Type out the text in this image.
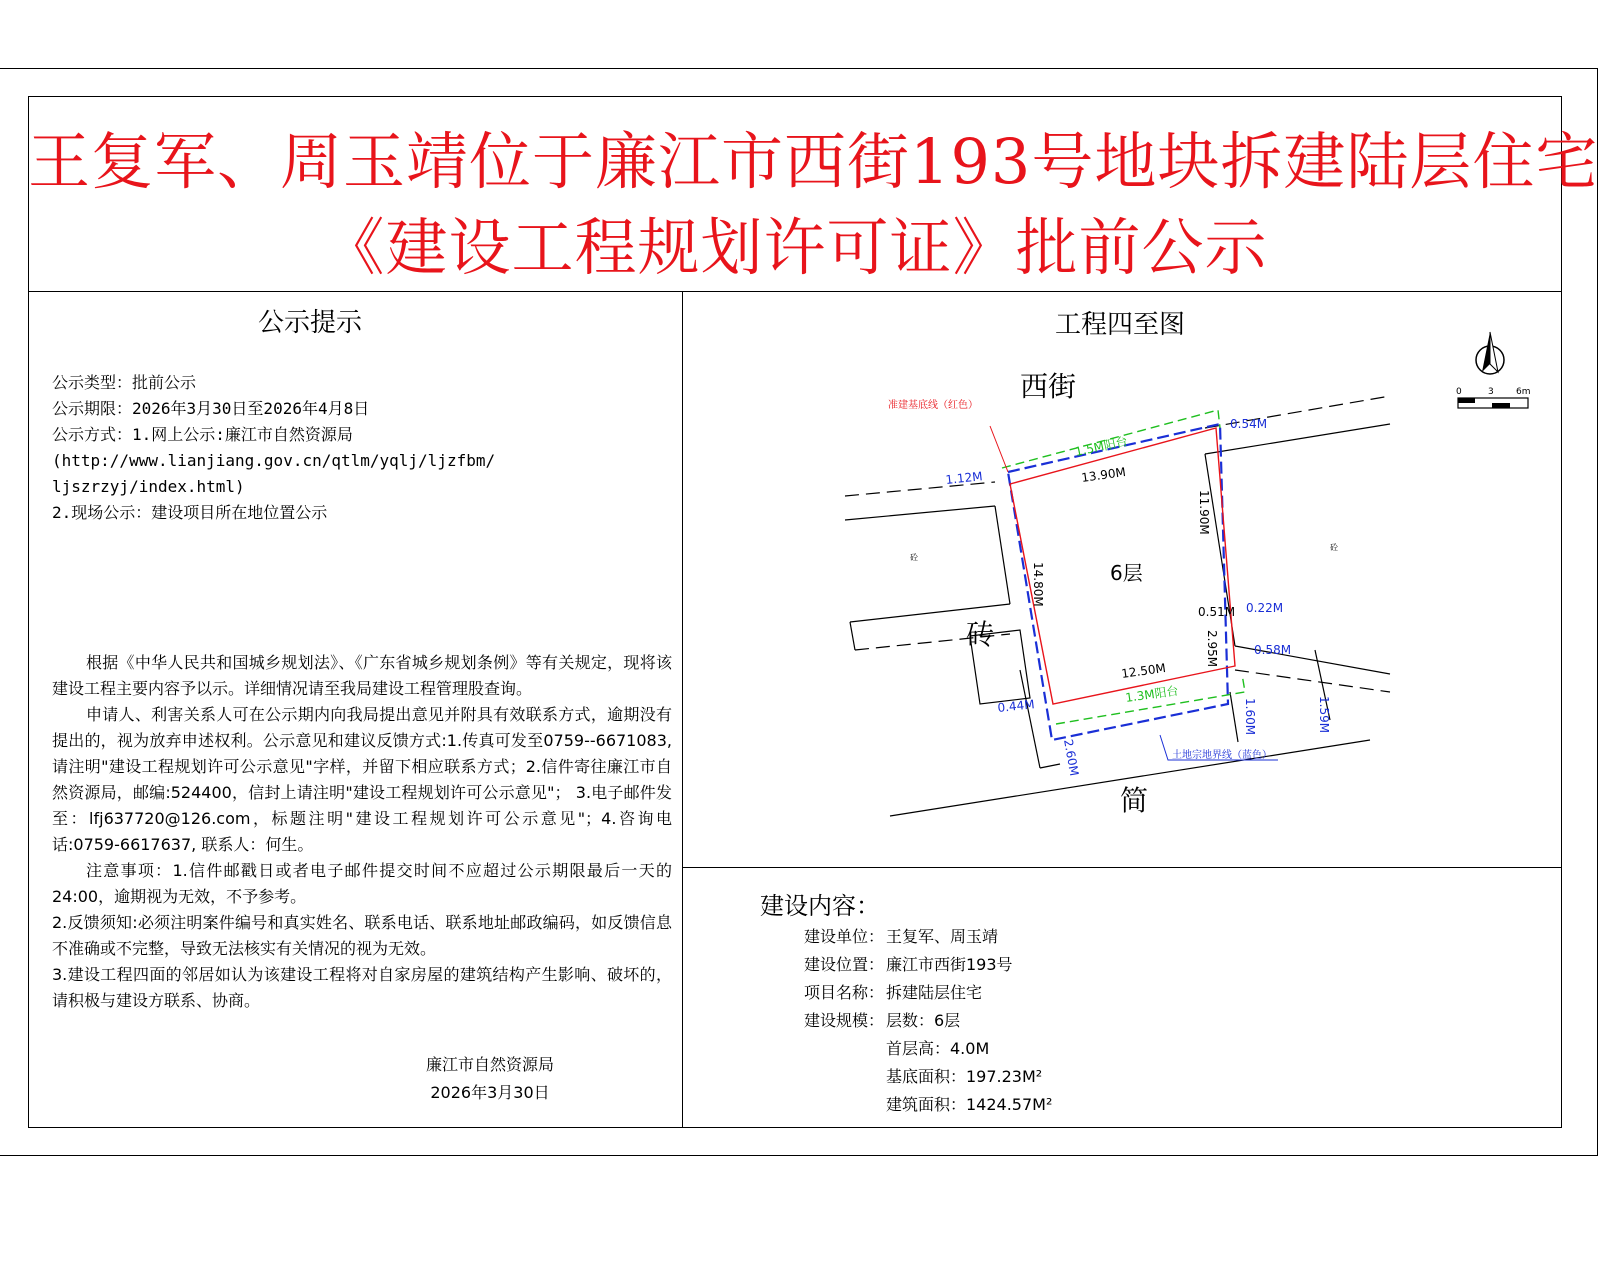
王复军、周玉靖位于廉江市西街193号地块拆建陆层住宅
《建设工程规划许可证》批前公示
公示提示
公示类型：批前公示
公示期限：2026年3月30日至2026年4月8日
公示方式：1.网上公示:廉江市自然资源局
(http://www.lianjiang.gov.cn/qtlm/yqlj/ljzfbm/
ljszrzyj/index.html)
2.现场公示：建设项目所在地位置公示

根据《中华人民共和国城乡规划法》、《广东省城乡规划条例》等有关规定，现将该建设工程主要内容予以示。详细情况请至我局建设工程管理股查询。

申请人、利害关系人可在公示期内向我局提出意见并附具有效联系方式，逾期没有提出的，视为放弃申述权利。公示意见和建议反馈方式:1.传真可发至0759--6671083, 请注明"建设工程规划许可公示意见"字样，并留下相应联系方式；2.信件寄往廉江市自然资源局，邮编:524400，信封上请注明"建设工程规划许可公示意见"； 3.电子邮件发至：lfj637720@126.com，标题注明"建设工程规划许可公示意见"；4.咨询电话:0759-6617637, 联系人：何生。

注意事项：1.信件邮戳日或者电子邮件提交时间不应超过公示期限最后一天的24:00，逾期视为无效，不予参考。

2.反馈须知:必须注明案件编号和真实姓名、联系电话、联系地址邮政编码，如反馈信息不准确或不完整，导致无法核实有关情况的视为无效。

3.建设工程四面的邻居如认为该建设工程将对自家房屋的建筑结构产生影响、破坏的，请积极与建设方联系、协商。

廉江市自然资源局
2026年3月30日
工程四至图
0	3 6m
西街
简
砖
6层
砼
砼
准建基底线（红色）
土地宗地界线（蓝色）
13.90M
11.90M
14.80M
12.50M
2.95M
1.5M阳台
1.3M阳台
0.54M
1.12M
0.51M 0.22M
0.58M
0.44M	1.60M
2.60M
1.59M
建设内容：
建设单位： 王复军、周玉靖
建设位置： 廉江市西街193号
项目名称： 拆建陆层住宅
建设规模： 层数：6层
首层高：4.0M
基底面积：197.23M²
建筑面积：1424.57M²
